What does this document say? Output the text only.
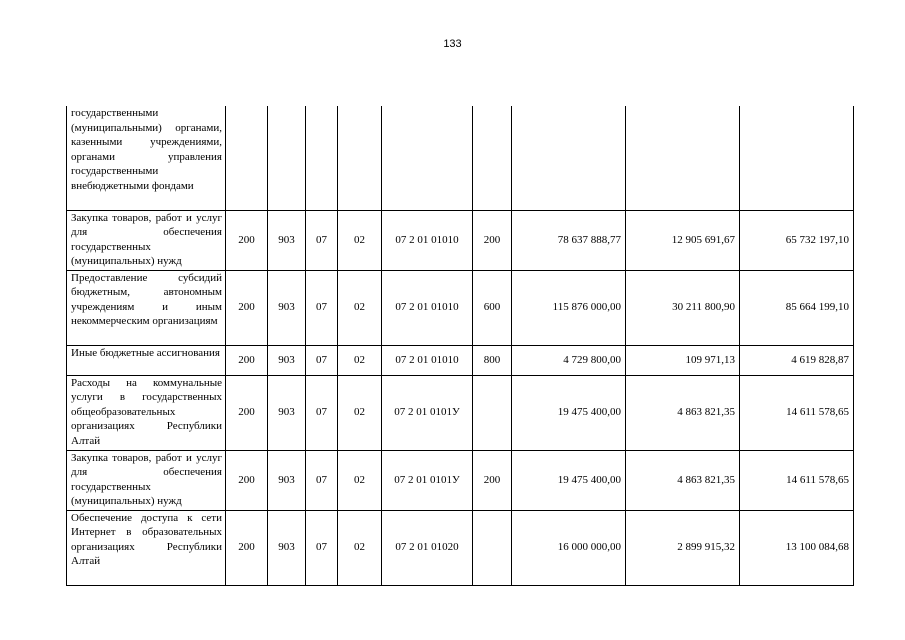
133
государственными (муниципальными) органами, казенными учреждениями, органами управления государственными внебюджетными фондами									
Закупка товаров, работ и услуг для обеспечения государственных (муниципальных) нужд	200	903	07	02	07 2 01 01010	200	78 637 888,77	12 905 691,67	65 732 197,10
Предоставление субсидий бюджетным, автономным учреждениям и иным некоммерческим организациям	200	903	07	02	07 2 01 01010	600	115 876 000,00	30 211 800,90	85 664 199,10
Иные бюджетные ассигнования	200	903	07	02	07 2 01 01010	800	4 729 800,00	109 971,13	4 619 828,87
Расходы на коммунальные услуги в государственных общеобразовательных организациях Республики Алтай	200	903	07	02	07 2 01 0101У		19 475 400,00	4 863 821,35	14 611 578,65
Закупка товаров, работ и услуг для обеспечения государственных (муниципальных) нужд	200	903	07	02	07 2 01 0101У	200	19 475 400,00	4 863 821,35	14 611 578,65
Обеспечение доступа к сети Интернет в образовательных организациях Республики Алтай	200	903	07	02	07 2 01 01020		16 000 000,00	2 899 915,32	13 100 084,68
